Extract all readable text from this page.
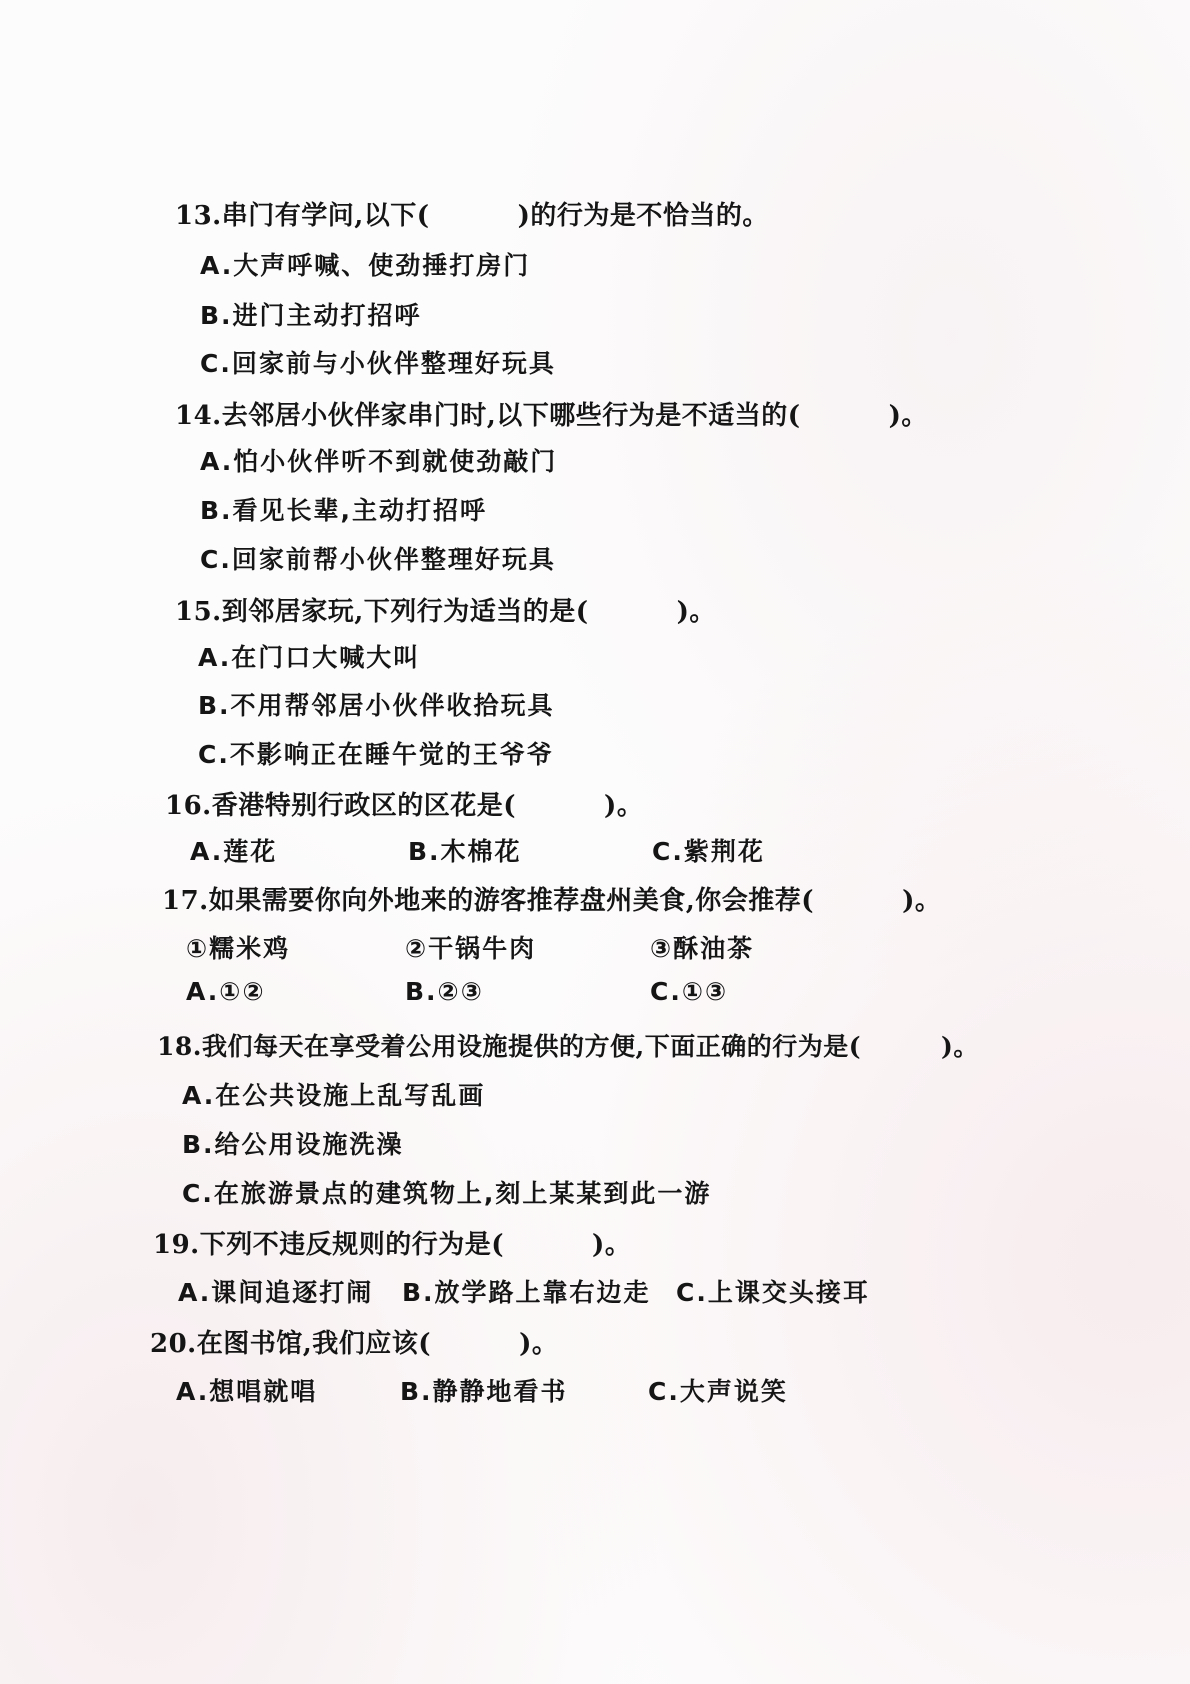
13.串门有学问,以下(	)的行为是不恰当的。
A.大声呼喊、使劲捶打房门
B.进门主动打招呼
C.回家前与小伙伴整理好玩具
14.去邻居小伙伴家串门时,以下哪些行为是不适当的(	)。
A.怕小伙伴听不到就使劲敲门
B.看见长辈,主动打招呼
C.回家前帮小伙伴整理好玩具
15.到邻居家玩,下列行为适当的是(	)。
A.在门口大喊大叫
B.不用帮邻居小伙伴收拾玩具
C.不影响正在睡午觉的王爷爷
16.香港特别行政区的区花是(	)。
A.莲花	B.木棉花	C.紫荆花
17.如果需要你向外地来的游客推荐盘州美食,你会推荐(	)。
①糯米鸡	②干锅牛肉	③酥油茶
A.①②	B.②③	C.①③
18.我们每天在享受着公用设施提供的方便,下面正确的行为是(	)。
A.在公共设施上乱写乱画
B.给公用设施洗澡
C.在旅游景点的建筑物上,刻上某某到此一游
19.下列不违反规则的行为是(	)。
A.课间追逐打闹 B.放学路上靠右边走 C.上课交头接耳
20.在图书馆,我们应该(	)。
A.想唱就唱	B.静静地看书	C.大声说笑
